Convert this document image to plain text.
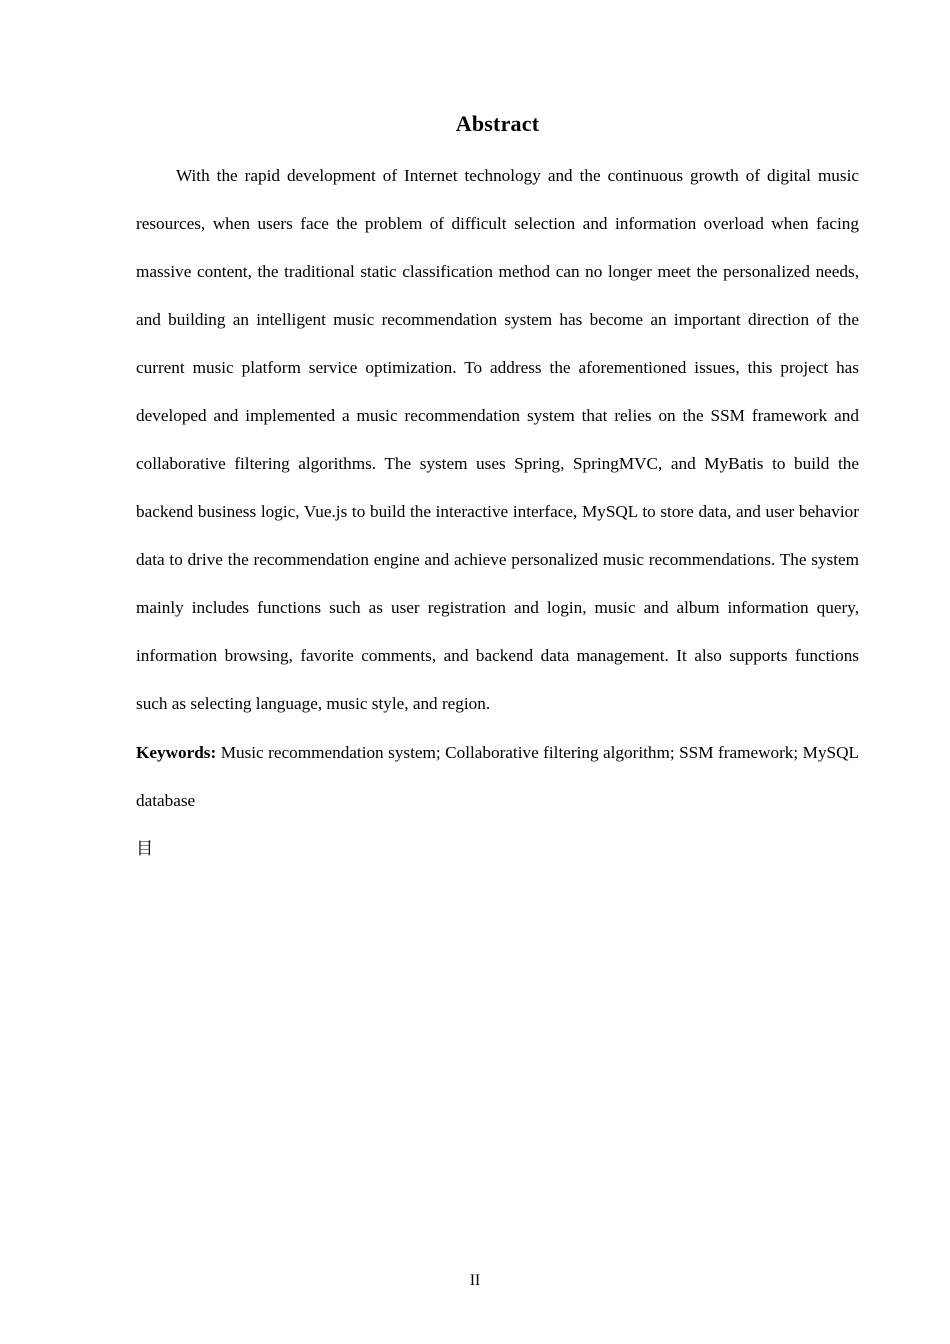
Abstract

With the rapid development of Internet technology and the continuous growth of digital music resources, when users face the problem of difficult selection and information overload when facing massive content, the traditional static classification method can no longer meet the personalized needs, and building an intelligent music recommendation system has become an important direction of the current music platform service optimization. To address the aforementioned issues, this project has developed and implemented a music recommendation system that relies on the SSM framework and collaborative filtering algorithms. The system uses Spring, SpringMVC, and MyBatis to build the backend business logic, Vue.js to build the interactive interface, MySQL to store data, and user behavior data to drive the recommendation engine and achieve personalized music recommendations. The system mainly includes functions such as user registration and login, music and album information query, information browsing, favorite comments, and backend data management. It also supports functions such as selecting language, music style, and region.

Keywords: Music recommendation system; Collaborative filtering algorithm; SSM framework; MySQL database

目

II
